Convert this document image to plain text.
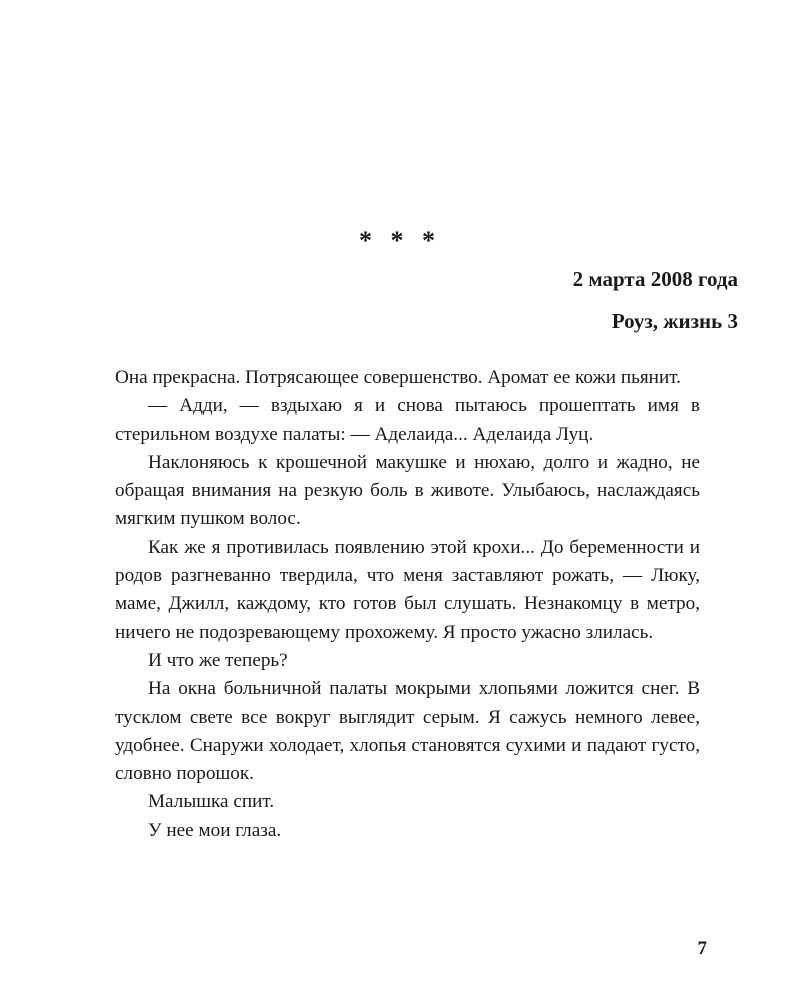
* * *
2 марта 2008 года
Роуз, жизнь 3

Она прекрасна. Потрясающее совершенство. Аромат ее кожи пьянит.

— Адди, — вздыхаю я и снова пытаюсь прошептать имя в стерильном воздухе палаты: — Аделаида... Аделаида Луц.

Наклоняюсь к крошечной макушке и нюхаю, долго и жадно, не обращая внимания на резкую боль в животе. Улыбаюсь, наслаждаясь мягким пушком волос.

Как же я противилась появлению этой крохи... До беременности и родов разгневанно твердила, что меня заставляют рожать, — Люку, маме, Джилл, каждому, кто готов был слушать. Незнакомцу в метро, ничего не подозревающему прохожему. Я просто ужасно злилась.

И что же теперь?

На окна больничной палаты мокрыми хлопьями ложится снег. В тусклом свете все вокруг выглядит серым. Я сажусь немного левее, удобнее. Снаружи холодает, хлопья становятся сухими и падают густо, словно порошок.

Малышка спит.

У нее мои глаза.

7
